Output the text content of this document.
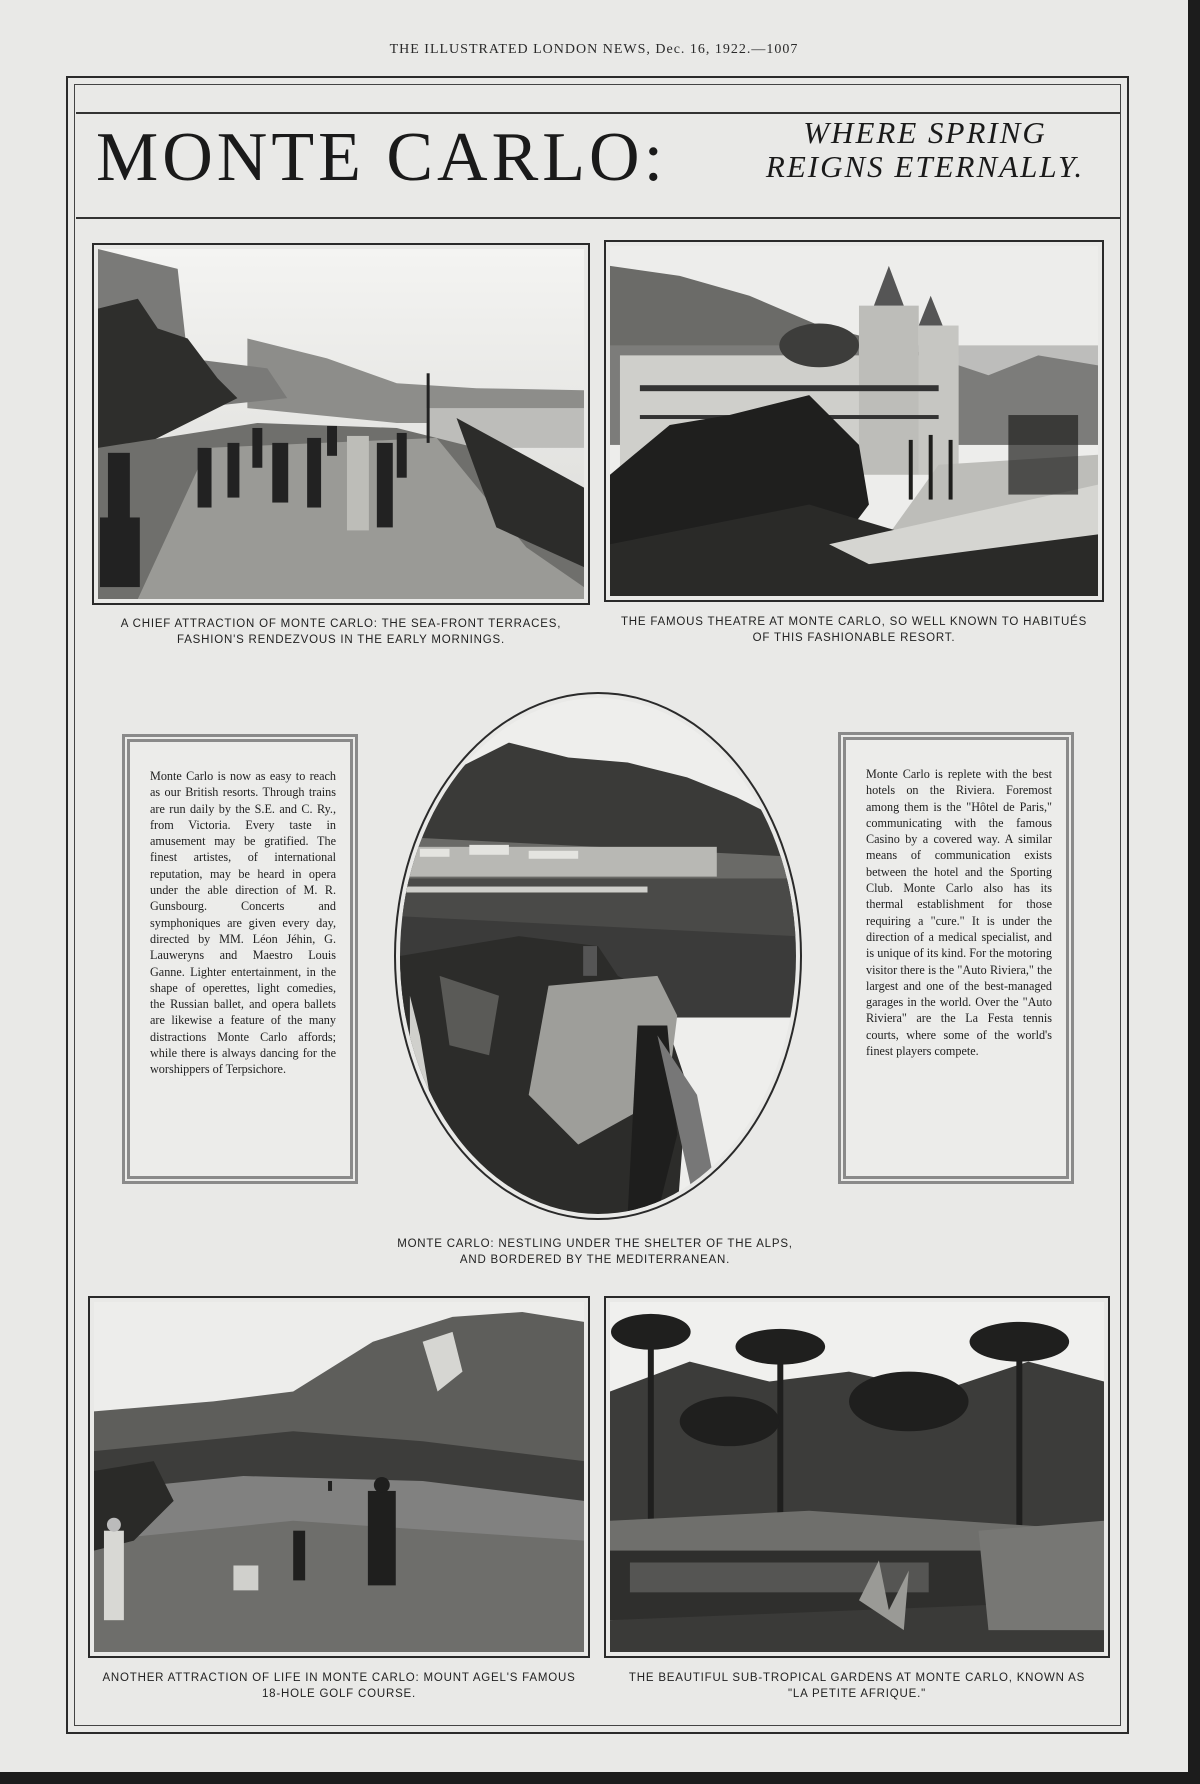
THE ILLUSTRATED LONDON NEWS, Dec. 16, 1922.—1007
MONTE CARLO:	WHERE SPRING
REIGNS ETERNALLY.
A CHIEF ATTRACTION OF MONTE CARLO: THE SEA-FRONT TERRACES,
FASHION'S RENDEZVOUS IN THE EARLY MORNINGS.
THE FAMOUS THEATRE AT MONTE CARLO, SO WELL KNOWN TO HABITUÉS
OF THIS FASHIONABLE RESORT.

Monte Carlo is now as easy to reach as our British resorts. Through trains are run daily by the S.E. and C. Ry., from Victoria. Every taste in amusement may be gratified. The finest artistes, of international reputation, may be heard in opera under the able direction of M. R. Gunsbourg. Concerts and symphoniques are given every day, directed by MM. Léon Jéhin, G. Lauweryns and Maestro Louis Ganne. Lighter entertainment, in the shape of operettes, light comedies, the Russian ballet, and opera ballets are likewise a feature of the many distractions Monte Carlo affords; while there is always dancing for the worshippers of Terpsichore.

Monte Carlo is replete with the best hotels on the Riviera. Foremost among them is the "Hôtel de Paris," communicating with the famous Casino by a covered way. A similar means of communication exists between the hotel and the Sporting Club. Monte Carlo also has its thermal establishment for those requiring a "cure." It is under the direction of a medical specialist, and is unique of its kind. For the motoring visitor there is the "Auto Riviera," the largest and one of the best-managed garages in the world. Over the "Auto Riviera" are the La Festa tennis courts, where some of the world's finest players compete.

MONTE CARLO: NESTLING UNDER THE SHELTER OF THE ALPS,
AND BORDERED BY THE MEDITERRANEAN.
ANOTHER ATTRACTION OF LIFE IN MONTE CARLO: MOUNT AGEL'S FAMOUS
18-HOLE GOLF COURSE.
THE BEAUTIFUL SUB-TROPICAL GARDENS AT MONTE CARLO, KNOWN AS
"LA PETITE AFRIQUE."
